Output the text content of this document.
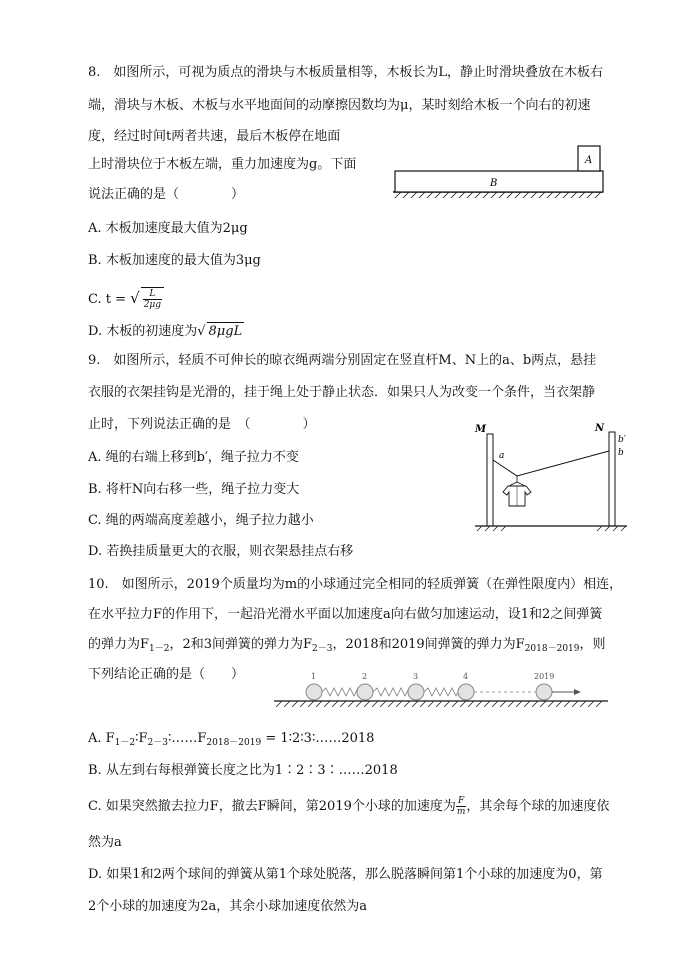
8.　如图所示，可视为质点的滑块与木板质量相等，木板长为L，静止时滑块叠放在木板右
端，滑块与木板、木板与水平地面间的动摩擦因数均为μ，某时刻给木板一个向右的初速
度，经过时间t两者共速，最后木板停在地面
上时滑块位于木板左端，重力加速度为g。下面
说法正确的是（　　　　）
B
A
A. 木板加速度最大值为2μg
B. 木板加速度的最大值为3μg
C. t = √ $\frac{L}{2\mu g}$
D. 木板的初速度为√ 8μgL
9.　如图所示，轻质不可伸长的晾衣绳两端分别固定在竖直杆M、N上的a、b两点，悬挂
衣服的衣架挂钩是光滑的，挂于绳上处于静止状态．如果只人为改变一个条件，当衣架静
止时，下列说法正确的是　（　　　　）	M	N
a
b′
b
A. 绳的右端上移到b′，绳子拉力不变
B. 将杆N向右移一些，绳子拉力变大
C. 绳的两端高度差越小，绳子拉力越小
D. 若换挂质量更大的衣服，则衣架悬挂点右移
10.　如图所示，2019个质量均为m的小球通过完全相同的轻质弹簧（在弹性限度内）相连，
在水平拉力F的作用下，一起沿光滑水平面以加速度a向右做匀加速运动，设1和2之间弹簧
的弹力为$F_{1-2}$，2和3间弹簧的弹力为$F_{2-3}$，2018和2019间弹簧的弹力为$F_{2018-2019}$，则
下列结论正确的是（　　）	1	2	3	4	2019
A. $F_{1-2}∶F_{2-3}∶\dots\dots F_{2018-2019}$ = 1∶2∶3∶……2018
B. 从左到右每根弹簧长度之比为1∶2∶3∶……2018
C. 如果突然撤去拉力F，撤去F瞬间，第2019个小球的加速度为 $\frac{F}{m}$ ，其余每个球的加速度依
然为a
D. 如果1和2两个球间的弹簧从第1个球处脱落，那么脱落瞬间第1个小球的加速度为0，第
2个小球的加速度为2a，其余小球加速度依然为a
